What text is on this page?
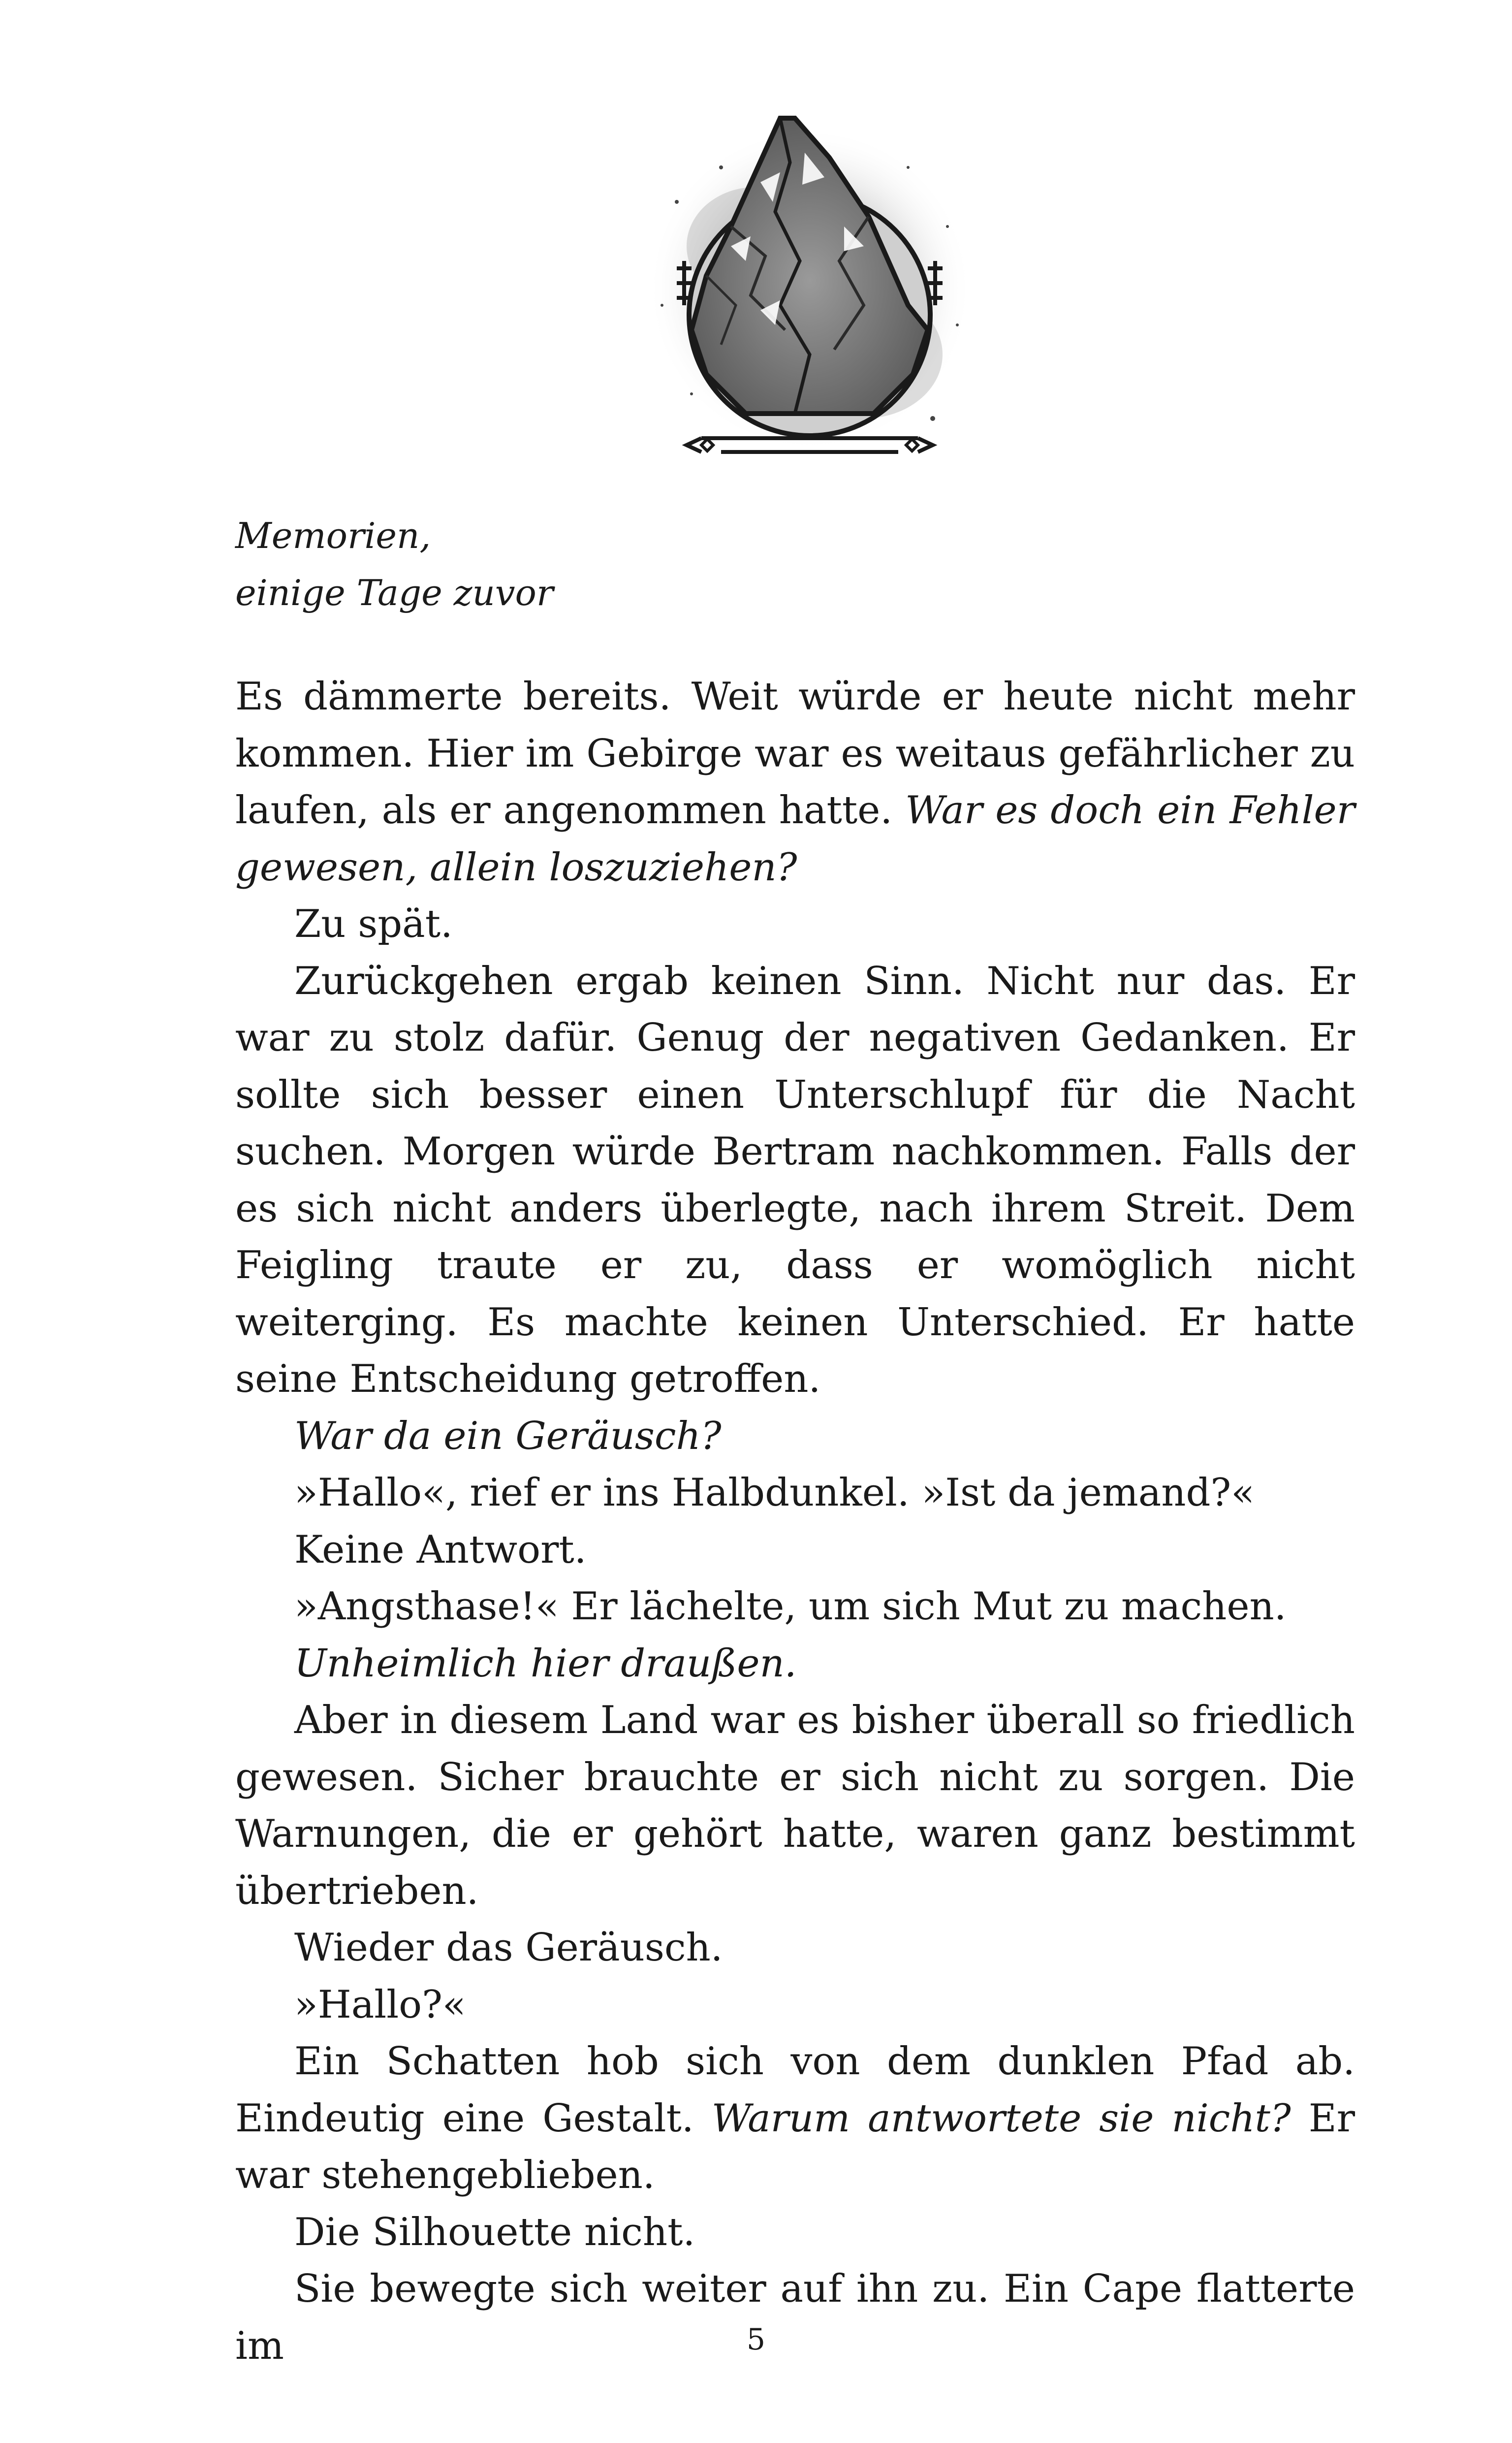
Memorien,
einige Tage zuvor

Es dämmerte bereits. Weit würde er heute nicht mehr kommen. Hier im Gebirge war es weitaus gefährlicher zu laufen, als er angenommen hatte. War es doch ein Fehler gewesen, allein loszuziehen?

Zu spät.

Zurückgehen ergab keinen Sinn. Nicht nur das. Er war zu stolz dafür. Genug der negativen Gedanken. Er sollte sich besser einen Unterschlupf für die Nacht suchen. Morgen würde Bertram nachkommen. Falls der es sich nicht anders überlegte, nach ihrem Streit. Dem Feigling traute er zu, dass er womöglich nicht weiterging. Es machte keinen Unterschied. Er hatte seine Entscheidung getroffen.

War da ein Geräusch?

»Hallo«, rief er ins Halbdunkel. »Ist da jemand?«

Keine Antwort.

»Angsthase!« Er lächelte, um sich Mut zu machen.

Unheimlich hier draußen.

Aber in diesem Land war es bisher überall so friedlich gewesen. Sicher brauchte er sich nicht zu sorgen. Die Warnungen, die er gehört hatte, waren ganz bestimmt übertrieben.

Wieder das Geräusch.

»Hallo?«

Ein Schatten hob sich von dem dunklen Pfad ab. Eindeutig eine Gestalt. Warum antwortete sie nicht? Er war stehengeblieben.

Die Silhouette nicht.

Sie bewegte sich weiter auf ihn zu. Ein Cape flatterte im	5
